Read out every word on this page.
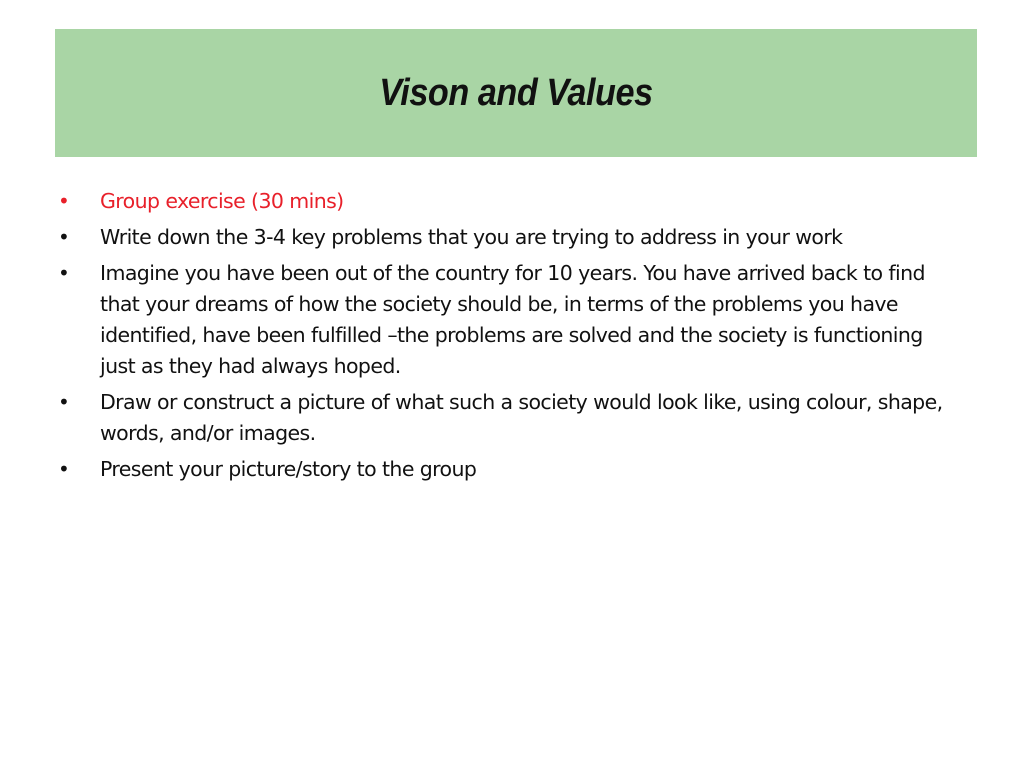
Vison and Values
•	Group exercise (30 mins)
•	Write down the 3-4 key problems that you are trying to address in your work
•	Imagine you have been out of the country for 10 years. You have arrived back to find that your dreams of how the society should be, in terms of the problems you have identified, have been fulfilled –the problems are solved and the society is functioning just as they had always hoped.
•	Draw or construct a picture of what such a society would look like, using colour, shape, words, and/or images.
•	Present your picture/story to the group
